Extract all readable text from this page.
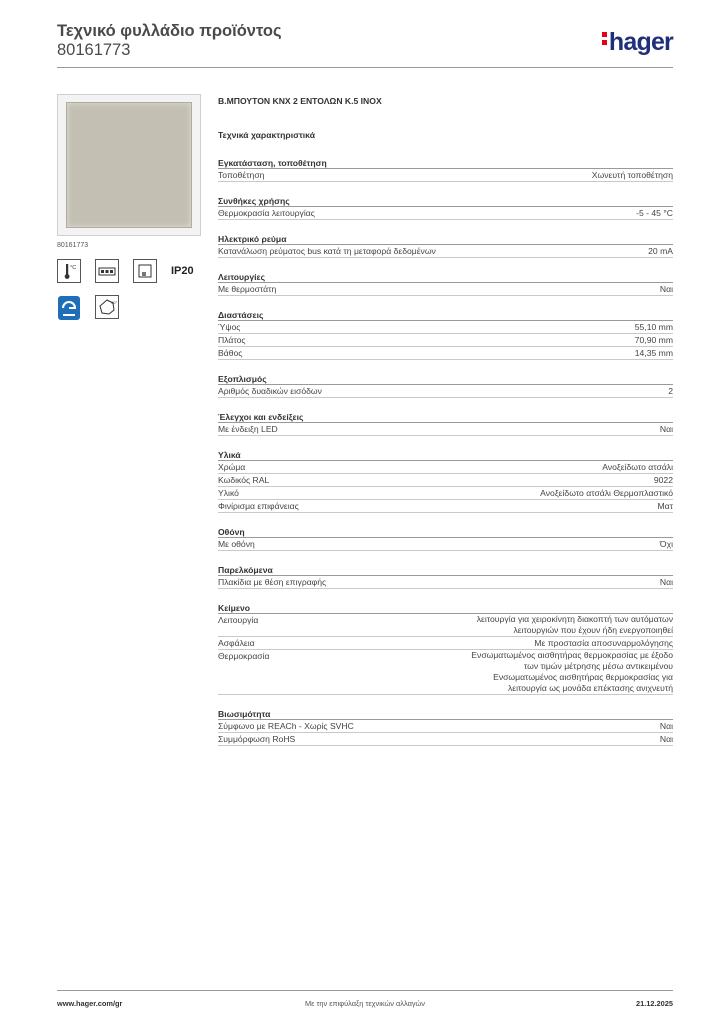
Τεχνικό φυλλάδιο προϊόντος
80161773	hager
80161773
°C	IP20
90°
Β.ΜΠΟΥΤΟΝ KNX 2 ΕΝΤΟΛΩΝ Κ.5 INOX
Τεχνικά χαρακτηριστικά
Εγκατάσταση, τοποθέτηση
Τοποθέτηση	Χωνευτή τοποθέτηση
Συνθήκες χρήσης
Θερμοκρασία λειτουργίας	-5 - 45 °C
Ηλεκτρικό ρεύμα
Κατανάλωση ρεύματος bus κατά τη μεταφορά δεδομένων	20 mA
Λειτουργίες
Με θερμοστάτη	Ναι
Διαστάσεις
Ύψος	55,10 mm
Πλάτος	70,90 mm
Βάθος	14,35 mm
Εξοπλισμός
Αριθμός δυαδικών εισόδων	2
Έλεγχοι και ενδείξεις
Με ένδειξη LED	Ναι
Υλικά
Χρώμα	Ανοξείδωτο ατσάλι
Κωδικός RAL	9022
Υλικό	Ανοξείδωτο ατσάλι Θερμοπλαστικό
Φινίρισμα επιφάνειας	Ματ
Οθόνη
Με οθόνη	Όχι
Παρελκόμενα
Πλακίδια με θέση επιγραφής	Ναι
Κείμενο
Λειτουργία	λειτουργία για χειροκίνητη διακοπτή των αυτόματων λειτουργιών που έχουν ήδη ενεργοποιηθεί
Ασφάλεια	Με προστασία αποσυναρμολόγησης
Θερμοκρασία	Ενσωματωμένος αισθητήρας θερμοκρασίας με έξοδο των τιμών μέτρησης μέσω αντικειμένου Ενσωματωμένος αισθητήρας θερμοκρασίας για λειτουργία ως μονάδα επέκτασης ανιχνευτή
Βιωσιμότητα
Σύμφωνο με REACh - Χωρίς SVHC	Ναι
Συμμόρφωση RoHS	Ναι
www.hager.com/gr	Με την επιφύλαξη τεχνικών αλλαγών	21.12.2025
